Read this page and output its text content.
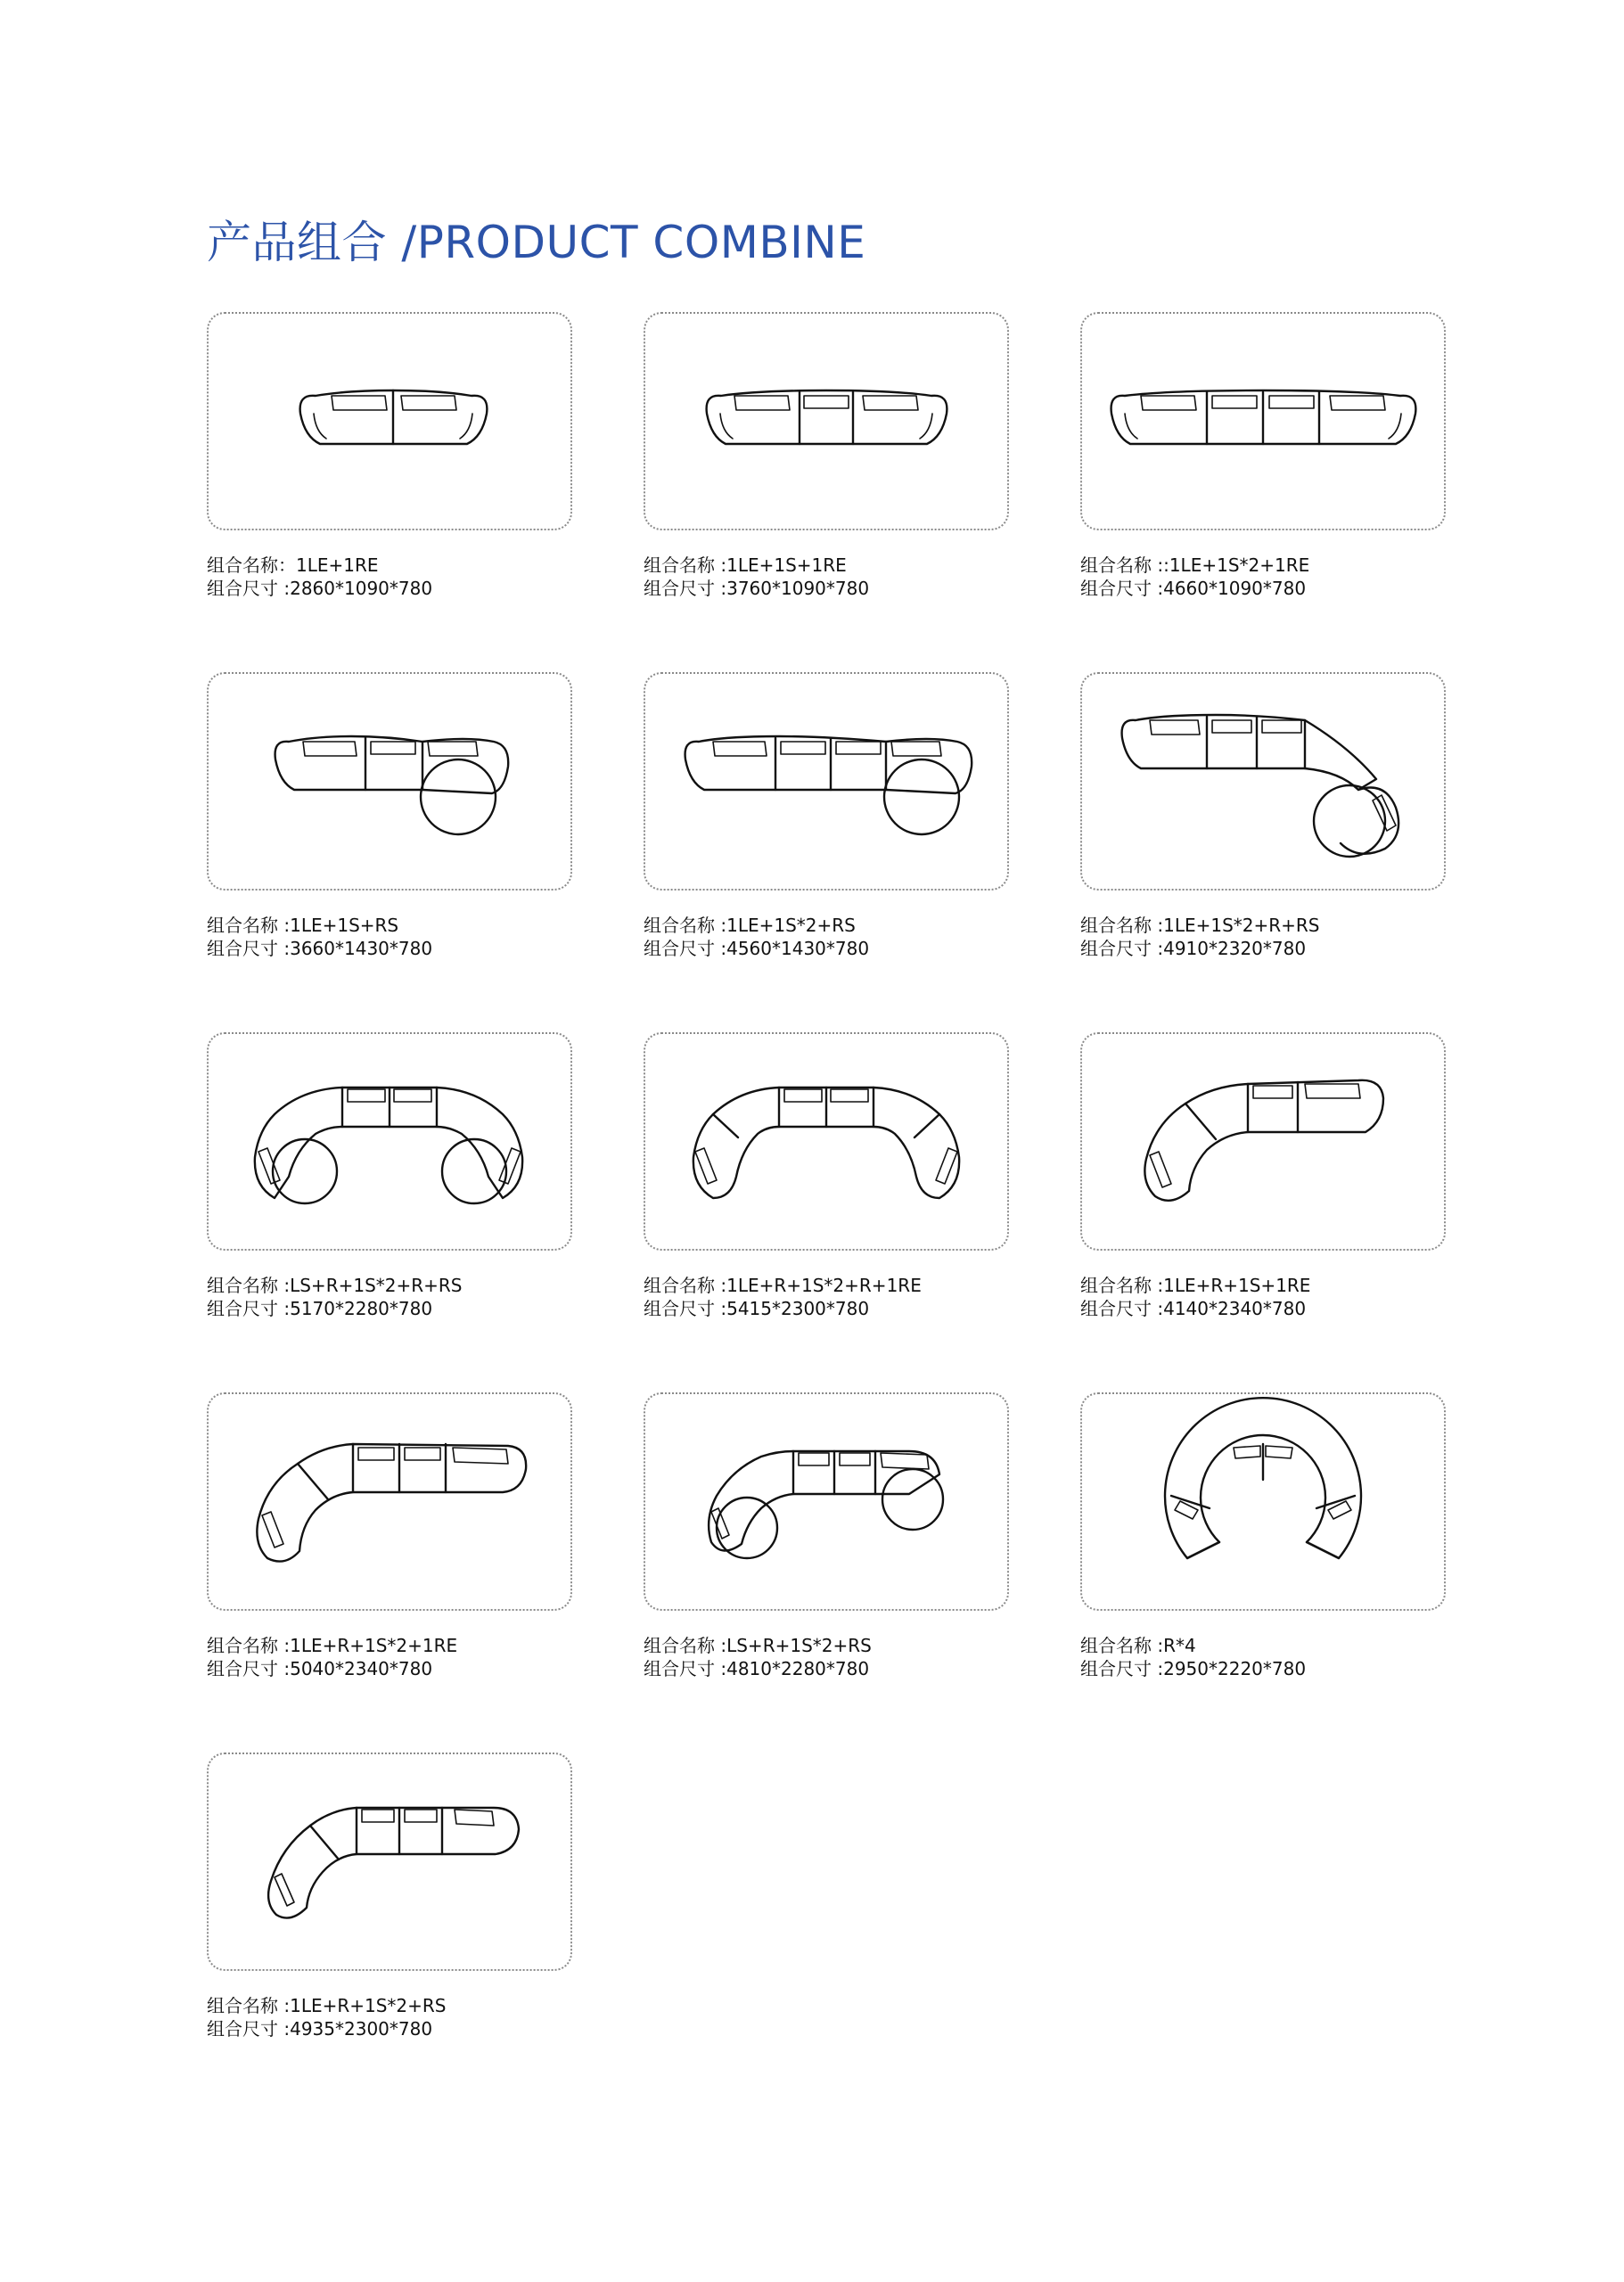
产品组合 /PRODUCT COMBINE
组合名称：1LE+1RE
组合尺寸 :2860*1090*780
组合名称 :1LE+1S+1RE
组合尺寸 :3760*1090*780
组合名称 ::1LE+1S*2+1RE
组合尺寸 :4660*1090*780
组合名称 :1LE+1S+RS
组合尺寸 :3660*1430*780
组合名称 :1LE+1S*2+RS
组合尺寸 :4560*1430*780
组合名称 :1LE+1S*2+R+RS
组合尺寸 :4910*2320*780
组合名称 :LS+R+1S*2+R+RS
组合尺寸 :5170*2280*780
组合名称 :1LE+R+1S*2+R+1RE
组合尺寸 :5415*2300*780
组合名称 :1LE+R+1S+1RE
组合尺寸 :4140*2340*780
组合名称 :1LE+R+1S*2+1RE
组合尺寸 :5040*2340*780
组合名称 :LS+R+1S*2+RS
组合尺寸 :4810*2280*780
组合名称 :R*4
组合尺寸 :2950*2220*780
组合名称 :1LE+R+1S*2+RS
组合尺寸 :4935*2300*780
